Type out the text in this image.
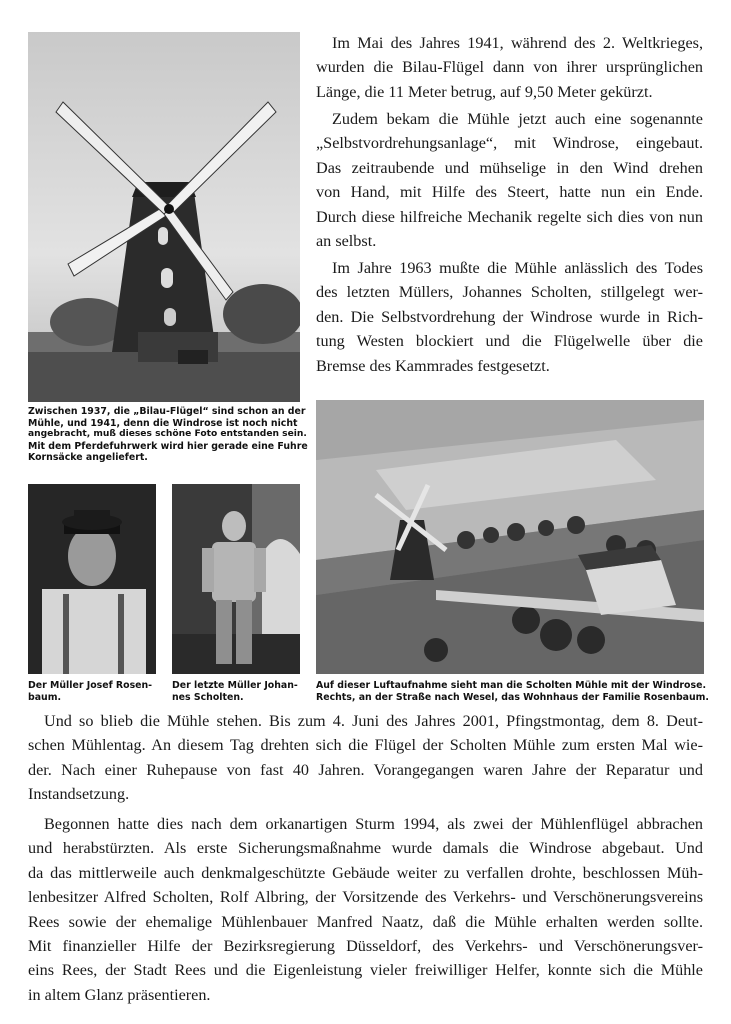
Zwischen 1937, die „Bilau-Flügel“ sind schon an der
Mühle, und 1941, denn die Windrose ist noch nicht
angebracht, muß dieses schöne Foto entstanden sein.
Mit dem Pferdefuhrwerk wird hier gerade eine Fuhre
Kornsäcke angeliefert.
Der Müller Josef Rosen-
baum.
Der letzte Müller Johan-
nes Scholten.
Auf dieser Luftaufnahme sieht man die Scholten Mühle mit der Windrose.
Rechts, an der Straße nach Wesel, das Wohnhaus der Familie Rosenbaum.
Im Mai des Jahres 1941, während des 2. Weltkrieges,
wurden die Bilau-Flügel dann von ihrer ursprünglichen
Länge, die 11 Meter betrug, auf 9,50 Meter gekürzt.
Zudem bekam die Mühle jetzt auch eine sogenannte
„Selbstvordrehungsanlage“, mit Windrose, eingebaut.
Das zeitraubende und mühselige in den Wind drehen
von Hand, mit Hilfe des Steert, hatte nun ein Ende.
Durch diese hilfreiche Mechanik regelte sich dies von nun
an selbst.
Im Jahre 1963 mußte die Mühle anlässlich des Todes
des letzten Müllers, Johannes Scholten, stillgelegt wer-
den. Die Selbstvordrehung der Windrose wurde in Rich-
tung Westen blockiert und die Flügelwelle über die
Bremse des Kammrades festgesetzt.
Und so blieb die Mühle stehen. Bis zum 4. Juni des Jahres 2001, Pfingstmontag, dem 8. Deut-
schen Mühlentag. An diesem Tag drehten sich die Flügel der Scholten Mühle zum ersten Mal wie-
der. Nach einer Ruhepause von fast 40 Jahren. Vorangegangen waren Jahre der Reparatur und
Instandsetzung.
Begonnen hatte dies nach dem orkanartigen Sturm 1994, als zwei der Mühlenflügel abbrachen
und herabstürzten. Als erste Sicherungsmaßnahme wurde damals die Windrose abgebaut. Und
da das mittlerweile auch denkmalgeschützte Gebäude weiter zu verfallen drohte, beschlossen Müh-
lenbesitzer Alfred Scholten, Rolf Albring, der Vorsitzende des Verkehrs- und Verschönerungsvereins
Rees sowie der ehemalige Mühlenbauer Manfred Naatz, daß die Mühle erhalten werden sollte.
Mit finanzieller Hilfe der Bezirksregierung Düsseldorf, des Verkehrs- und Verschönerungsver-
eins Rees, der Stadt Rees und die Eigenleistung vieler freiwilliger Helfer, konnte sich die Mühle
in altem Glanz präsentieren.
